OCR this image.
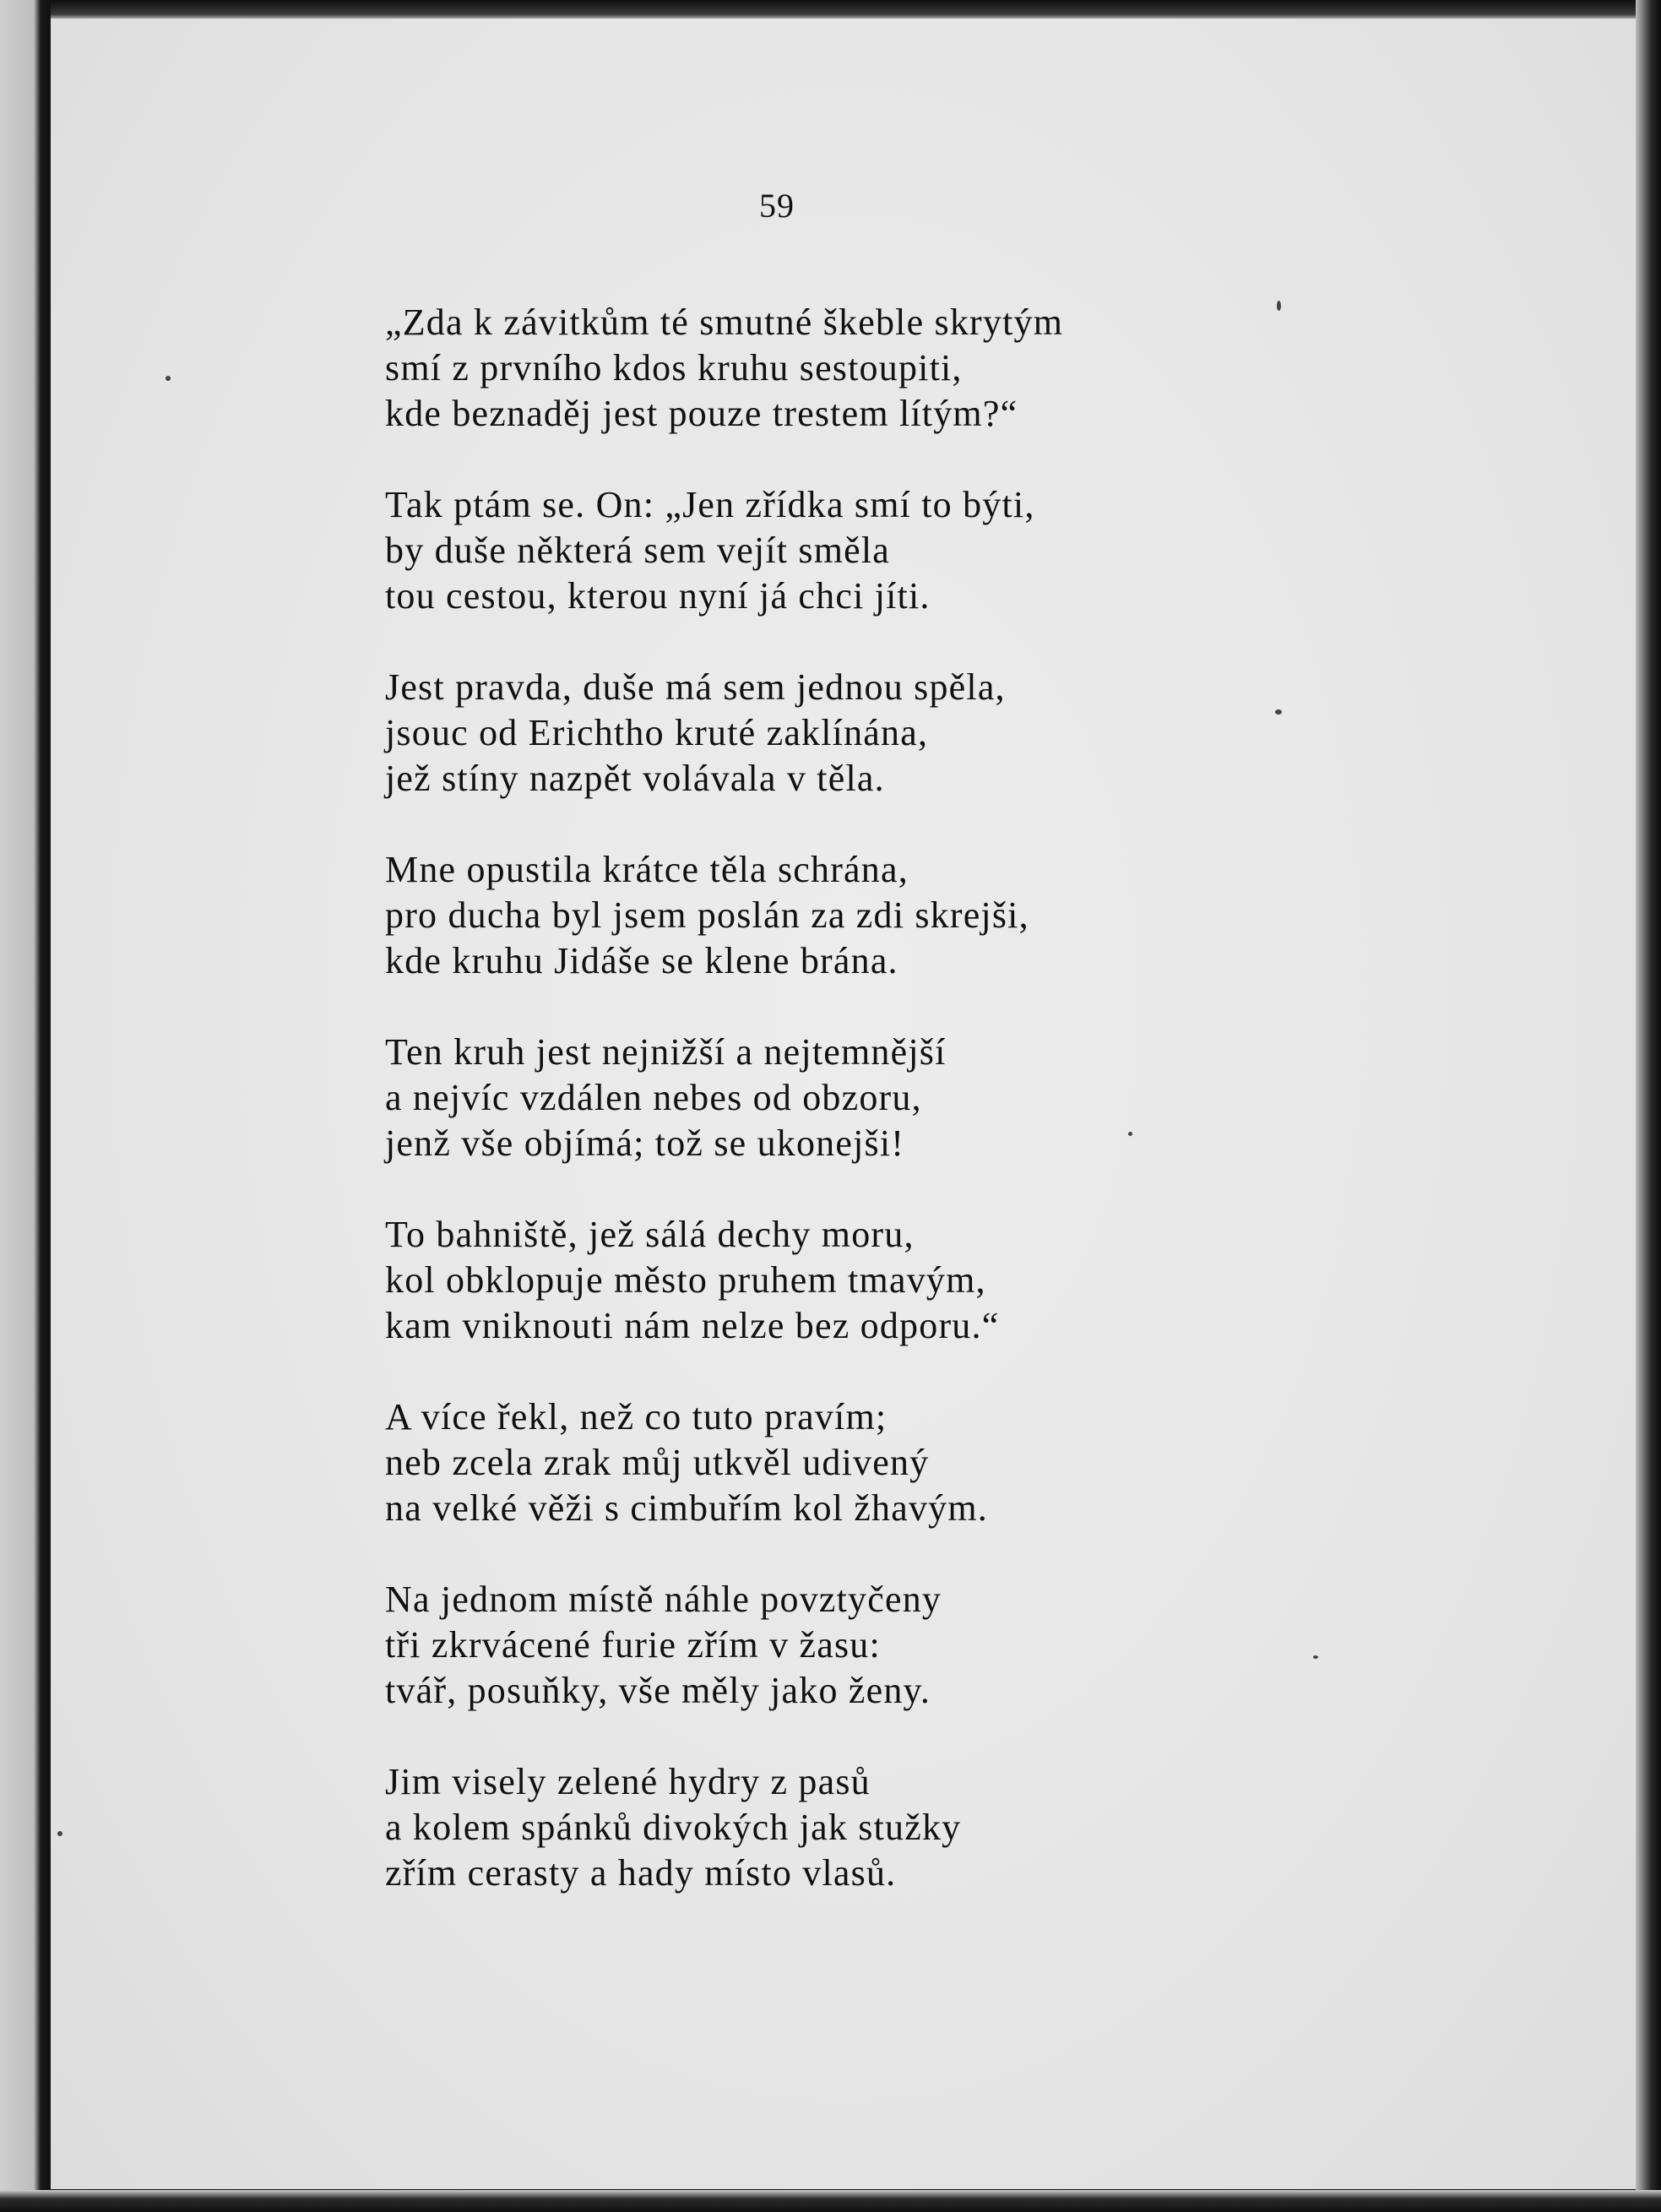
59
„Zda k závitkům té smutné škeble skrytým
smí z prvního kdos kruhu sestoupiti,
kde beznaděj jest pouze trestem lítým?“
Tak ptám se. On: „Jen zřídka smí to býti,
by duše některá sem vejít směla
tou cestou, kterou nyní já chci jíti.
Jest pravda, duše má sem jednou spěla,
jsouc od Erichtho kruté zaklínána,
jež stíny nazpět volávala v těla.
Mne opustila krátce těla schrána,
pro ducha byl jsem poslán za zdi skrejši,
kde kruhu Jidáše se klene brána.
Ten kruh jest nejnižší a nejtemnější
a nejvíc vzdálen nebes od obzoru,
jenž vše objímá; tož se ukonejši!
To bahniště, jež sálá dechy moru,
kol obklopuje město pruhem tmavým,
kam vniknouti nám nelze bez odporu.“
A více řekl, než co tuto pravím;
neb zcela zrak můj utkvěl udivený
na velké věži s cimbuřím kol žhavým.
Na jednom místě náhle povztyčeny
tři zkrvácené furie zřím v žasu:
tvář, posuňky, vše měly jako ženy.
Jim visely zelené hydry z pasů
a kolem spánků divokých jak stužky
zřím cerasty a hady místo vlasů.
